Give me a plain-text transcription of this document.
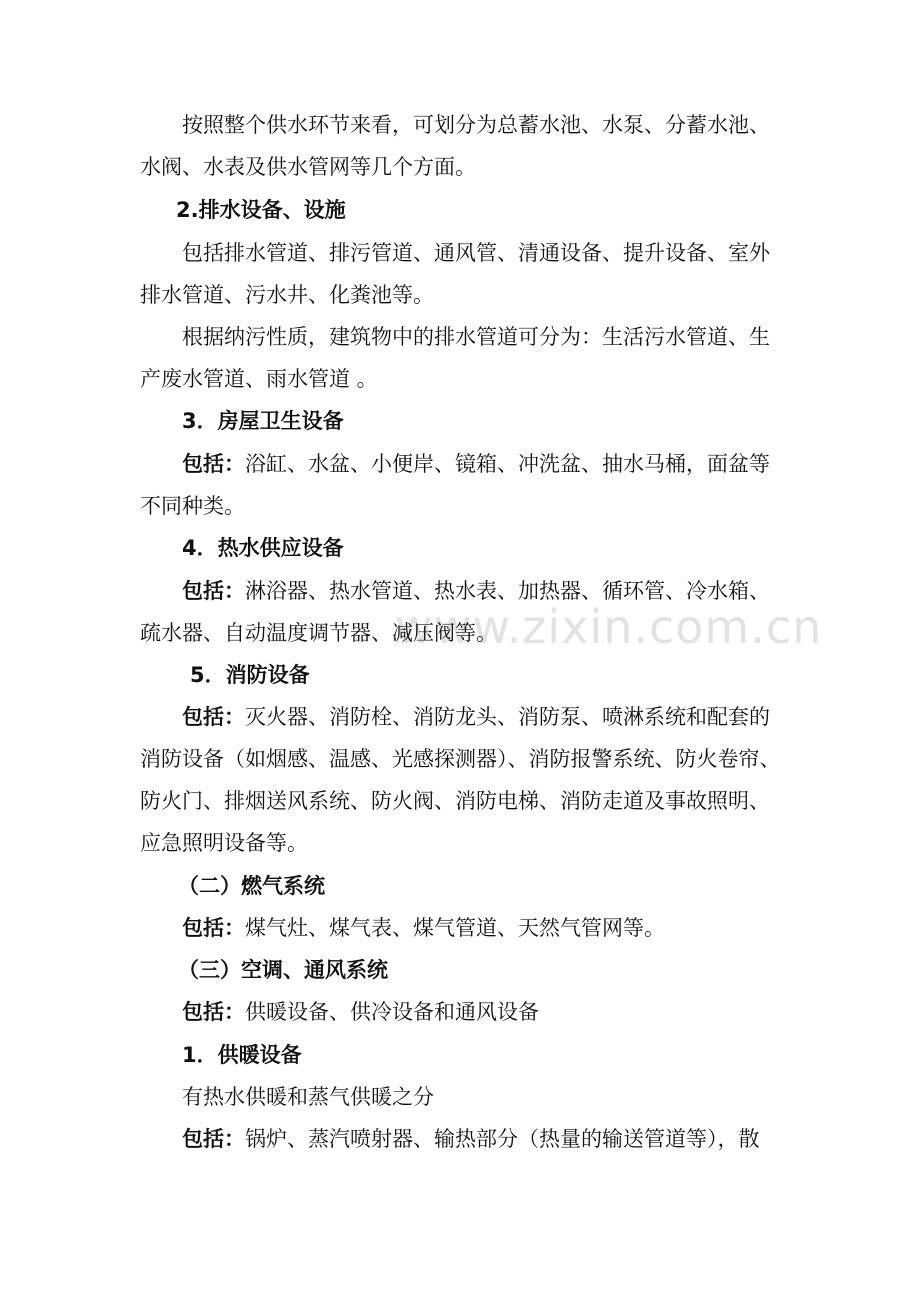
www.zixin.com.cn
按照整个供水环节来看，可划分为总蓄水池、水泵、分蓄水池、
水阀、水表及供水管网等几个方面。
2.排水设备、设施
包括排水管道、排污管道、通风管、清通设备、提升设备、室外
排水管道、污水井、化粪池等。
根据纳污性质，建筑物中的排水管道可分为：生活污水管道、生
产废水管道、雨水管道 。
3．房屋卫生设备
包括：浴缸、水盆、小便岸、镜箱、冲洗盆、抽水马桶，面盆等
不同种类。
4．热水供应设备
包括：淋浴器、热水管道、热水表、加热器、循环管、冷水箱、
疏水器、自动温度调节器、减压阀等。
5．消防设备
包括：灭火器、消防栓、消防龙头、消防泵、喷淋系统和配套的
消防设备（如烟感、温感、光感探测器）、消防报警系统、防火卷帘、
防火门、排烟送风系统、防火阀、消防电梯、消防走道及事故照明、
应急照明设备等。
（二）燃气系统
包括：煤气灶、煤气表、煤气管道、天然气管网等。
（三）空调、通风系统
包括：供暖设备、供冷设备和通风设备
1．供暖设备
有热水供暖和蒸气供暖之分
包括：锅炉、蒸汽喷射器、输热部分（热量的输送管道等），散
